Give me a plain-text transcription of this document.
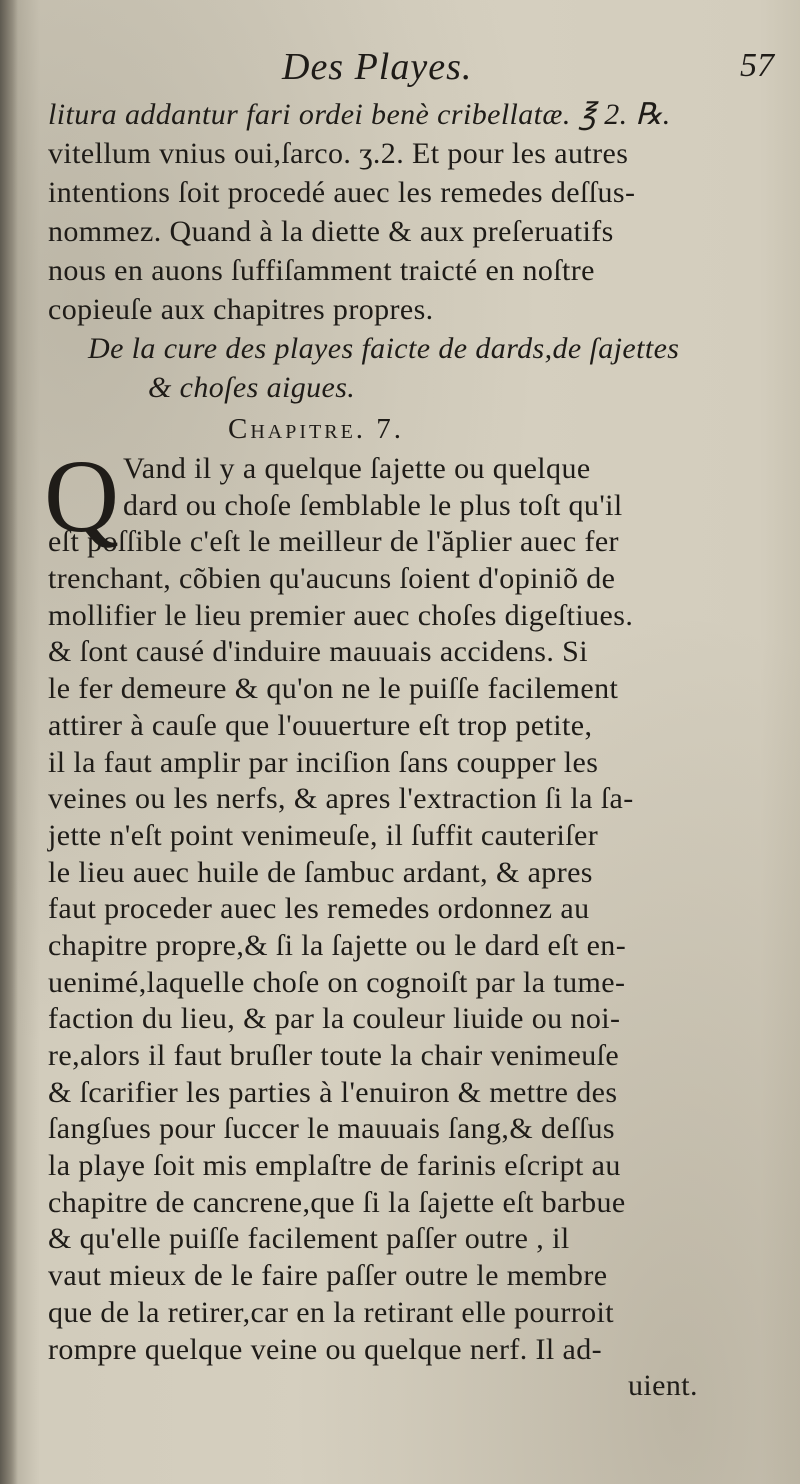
Des Playes.	57
litura addantur fari ordei benè cribellatæ. ℥ 2. ℞.
vitellum vnius oui,ſarco. ʒ.2. Et pour les autres
intentions ſoit procedé auec les remedes deſſus-
nommez. Quand à la diette & aux preſeruatifs
nous en auons ſuffiſamment traicté en noſtre
copieuſe aux chapitres propres.
De la cure des playes faicte de dards,de ſajettes
& choſes aigues.
Chapitre. 7.
Q Vand il y a quelque ſajette ou quelque
dard ou choſe ſemblable le plus toſt qu'il
eſt poſſible c'eſt le meilleur de l'ăplier auec fer
trenchant, cõbien qu'aucuns ſoient d'opiniõ de
mollifier le lieu premier auec choſes digeſtiues.
& ſont causé d'induire mauuais accidens. Si
le fer demeure & qu'on ne le puiſſe facilement
attirer à cauſe que l'ouuerture eſt trop petite,
il la faut amplir par inciſion ſans coupper les
veines ou les nerfs, & apres l'extraction ſi la ſa-
jette n'eſt point venimeuſe, il ſuffit cauteriſer
le lieu auec huile de ſambuc ardant, & apres
faut proceder auec les remedes ordonnez au
chapitre propre,& ſi la ſajette ou le dard eſt en-
uenimé,laquelle choſe on cognoiſt par la tume-
faction du lieu, & par la couleur liuide ou noi-
re,alors il faut bruſler toute la chair venimeuſe
& ſcarifier les parties à l'enuiron & mettre des
ſangſues pour ſuccer le mauuais ſang,& deſſus
la playe ſoit mis emplaſtre de farinis eſcript au
chapitre de cancrene,que ſi la ſajette eſt barbue
& qu'elle puiſſe facilement paſſer outre , il
vaut mieux de le faire paſſer outre le membre
que de la retirer,car en la retirant elle pourroit
rompre quelque veine ou quelque nerf. Il ad-
uient.
